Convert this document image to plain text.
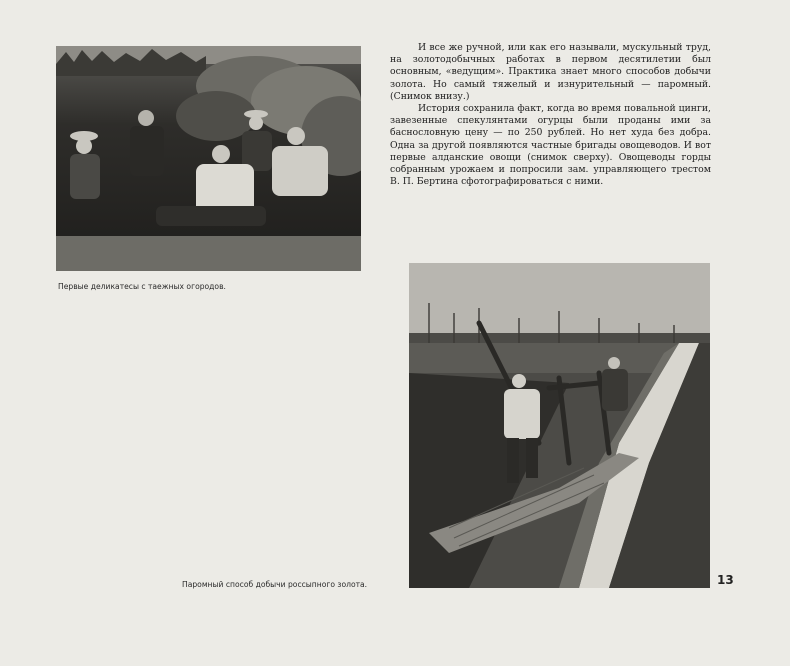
Первые деликатесы с таежных огородов.

И все же ручной, или как его называли, мускульный труд, на золотодобычных работах в первом десятилетии был основным, «ведущим». Практика знает много способов добычи золота. Но самый тяжелый и изнурительный — паромный. (Снимок внизу.)

История сохранила факт, когда во время повальной цинги, завезенные спекулянтами огурцы были проданы ими за баснословную цену — по 250 рублей. Но нет худа без добра. Одна за другой появляются частные бригады овощеводов. И вот первые алданские овощи (снимок сверху). Овощеводы горды собранным урожаем и попросили зам. управляющего трестом В. П. Бертина сфотографироваться с ними.

Паромный способ добычи россыпного золота.	13
